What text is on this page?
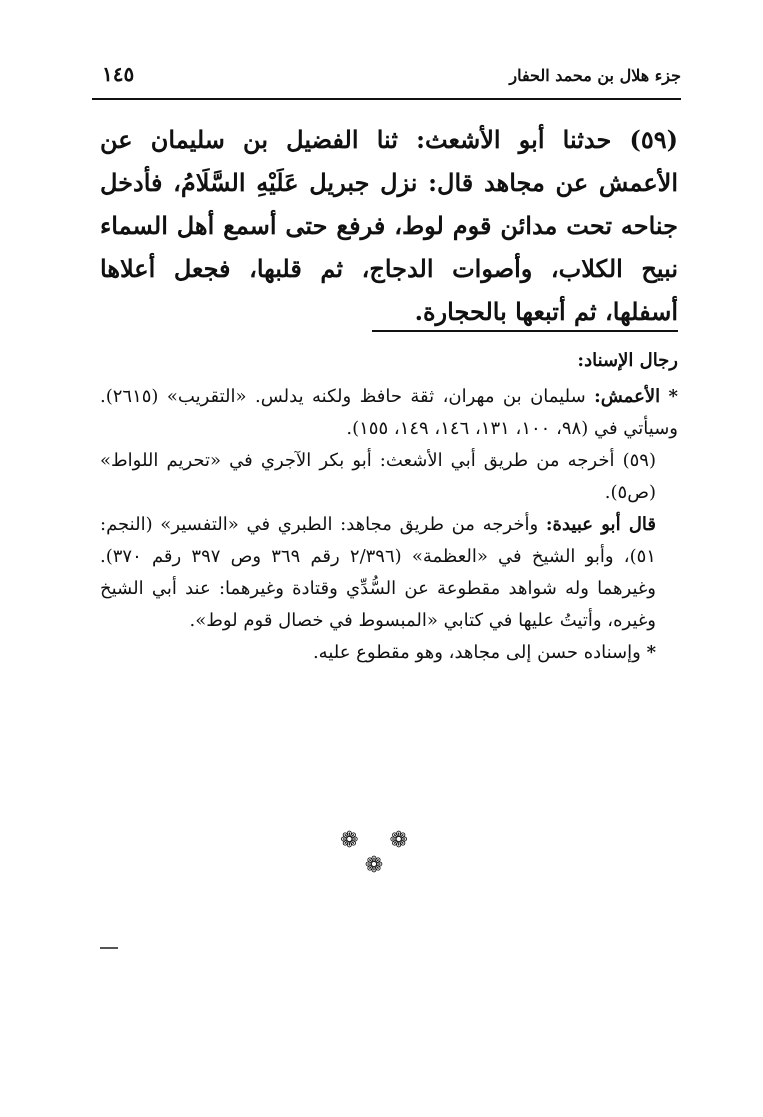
جزء هلال بن محمد الحفار
١٤٥
(٥٩) حدثنا أبو الأشعث: ثنا الفضيل بن سليمان عن الأعمش عن مجاهد قال: نزل جبريل عَلَيْهِ السَّلَامُ، فأدخل جناحه تحت مدائن قوم لوط، فرفع حتى أسمع أهل السماء نبيح الكلاب، وأصوات الدجاج، ثم قلبها، فجعل أعلاها أسفلها، ثم أتبعها بالحجارة.

رجال الإسناد:

* الأعمش: سليمان بن مهران، ثقة حافظ ولكنه يدلس. «التقريب» (٢٦١٥). وسيأتي في (٩٨، ١٠٠، ١٣١، ١٤٦، ١٤٩، ١٥٥).

(٥٩) أخرجه من طريق أبي الأشعث: أبو بكر الآجري في «تحريم اللواط» (ص٥).

قال أبو عبيدة: وأخرجه من طريق مجاهد: الطبري في «التفسير» (النجم: ٥١)، وأبو الشيخ في «العظمة» (٢/٣٩٦ رقم ٣٦٩ وص ٣٩٧ رقم ٣٧٠). وغيرهما وله شواهد مقطوعة عن السُّدِّي وقتادة وغيرهما: عند أبي الشيخ وغيره، وأتيتُ عليها في كتابي «المبسوط في خصال قوم لوط».

* وإسناده حسن إلى مجاهد، وهو مقطوع عليه.

❁ ❁ ❁
